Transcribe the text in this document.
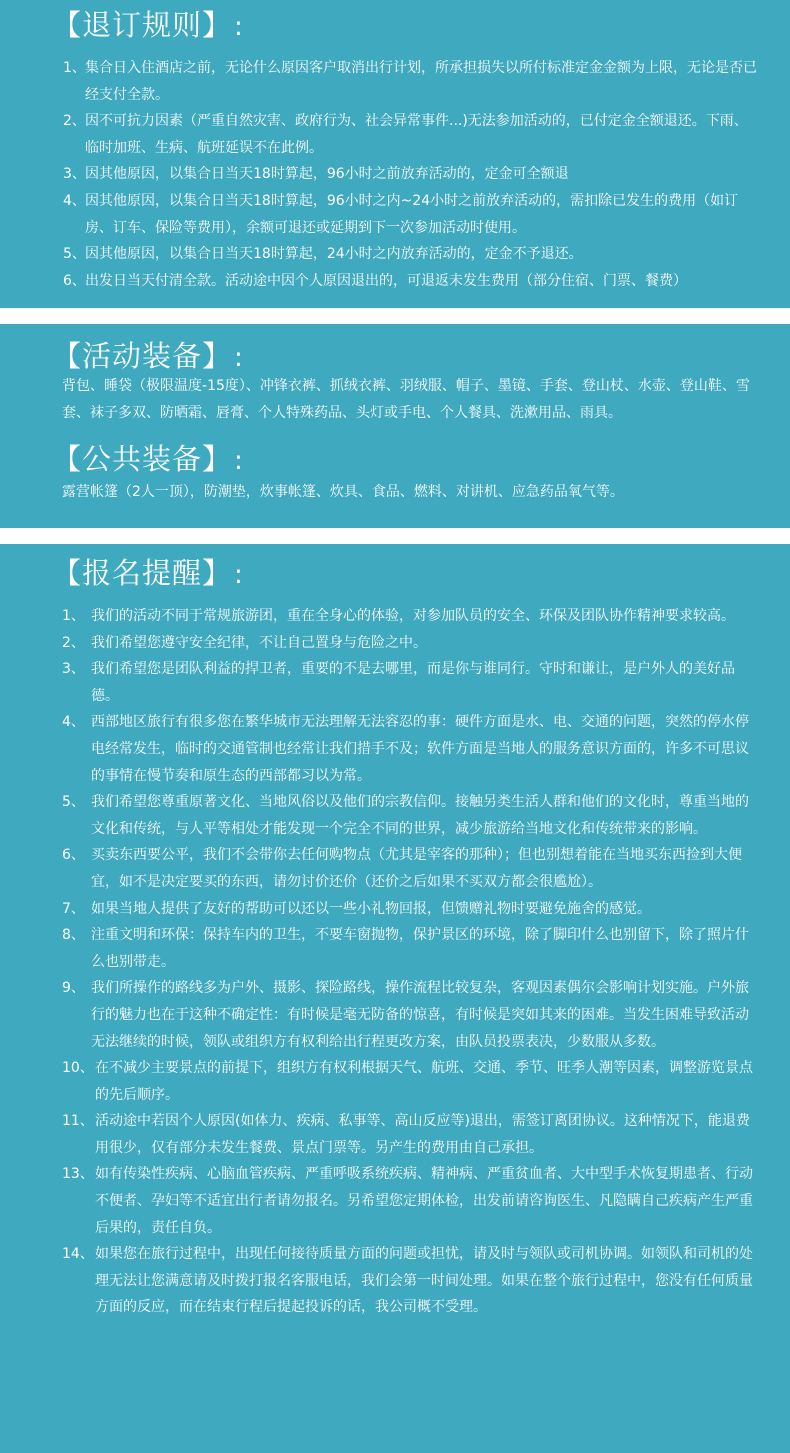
【退订规则】:
1、 集合日入住酒店之前，无论什么原因客户取消出行计划，所承担损失以所付标准定金金额为上限，无论是否已经支付全款。
2、 因不可抗力因素（严重自然灾害、政府行为、社会异常事件...)无法参加活动的，已付定金全额退还。下雨、临时加班、生病、航班延误不在此例。
3、 因其他原因，以集合日当天18时算起，96小时之前放弃活动的，定金可全额退
4、 因其他原因，以集合日当天18时算起，96小时之内~24小时之前放弃活动的，需扣除已发生的费用（如订房、订车、保险等费用），余额可退还或延期到下一次参加活动时使用。
5、 因其他原因，以集合日当天18时算起，24小时之内放弃活动的，定金不予退还。
6、 出发日当天付清全款。活动途中因个人原因退出的，可退返未发生费用（部分住宿、门票、餐费）
【活动装备】:
背包、睡袋（极限温度-15度）、冲锋衣裤、抓绒衣裤、羽绒服、帽子、墨镜、手套、登山杖、水壶、登山鞋、雪套、袜子多双、防晒霜、唇膏、个人特殊药品、头灯或手电、个人餐具、洗漱用品、雨具。
【公共装备】:
露营帐篷（2人一顶），防潮垫，炊事帐篷、炊具、食品、燃料、对讲机、应急药品氧气等。
【报名提醒】:
1、 我们的活动不同于常规旅游团，重在全身心的体验，对参加队员的安全、环保及团队协作精神要求较高。
2、 我们希望您遵守安全纪律，不让自己置身与危险之中。
3、 我们希望您是团队利益的捍卫者，重要的不是去哪里，而是你与谁同行。守时和谦让，是户外人的美好品德。
4、 西部地区旅行有很多您在繁华城市无法理解无法容忍的事：硬件方面是水、电、交通的问题，突然的停水停电经常发生，临时的交通管制也经常让我们措手不及；软件方面是当地人的服务意识方面的，许多不可思议的事情在慢节奏和原生态的西部都习以为常。
5、 我们希望您尊重原著文化、当地风俗以及他们的宗教信仰。接触另类生活人群和他们的文化时，尊重当地的文化和传统，与人平等相处才能发现一个完全不同的世界，减少旅游给当地文化和传统带来的影响。
6、 买卖东西要公平，我们不会带你去任何购物点（尤其是宰客的那种）；但也别想着能在当地买东西捡到大便宜，如不是决定要买的东西，请勿讨价还价（还价之后如果不买双方都会很尴尬）。
7、 如果当地人提供了友好的帮助可以还以一些小礼物回报，但馈赠礼物时要避免施舍的感觉。
8、 注重文明和环保：保持车内的卫生，不要车窗抛物，保护景区的环境，除了脚印什么也别留下，除了照片什么也别带走。
9、 我们所操作的路线多为户外、摄影、探险路线，操作流程比较复杂，客观因素偶尔会影响计划实施。户外旅行的魅力也在于这种不确定性：有时候是毫无防备的惊喜，有时候是突如其来的困难。当发生困难导致活动无法继续的时候，领队或组织方有权利给出行程更改方案，由队员投票表决，少数服从多数。
10、 在不减少主要景点的前提下，组织方有权利根据天气、航班、交通、季节、旺季人潮等因素，调整游览景点的先后顺序。
11、 活动途中若因个人原因(如体力、疾病、私事等、高山反应等)退出，需签订离团协议。这种情况下，能退费用很少，仅有部分未发生餐费、景点门票等。另产生的费用由自己承担。
13、 如有传染性疾病、心脑血管疾病、严重呼吸系统疾病、精神病、严重贫血者、大中型手术恢复期患者、行动不便者、孕妇等不适宜出行者请勿报名。另希望您定期体检，出发前请咨询医生、凡隐瞒自己疾病产生严重后果的，责任自负。
14、 如果您在旅行过程中，出现任何接待质量方面的问题或担忧，请及时与领队或司机协调。如领队和司机的处理无法让您满意请及时拨打报名客服电话，我们会第一时间处理。如果在整个旅行过程中，您没有任何质量方面的反应，而在结束行程后提起投诉的话，我公司概不受理。
